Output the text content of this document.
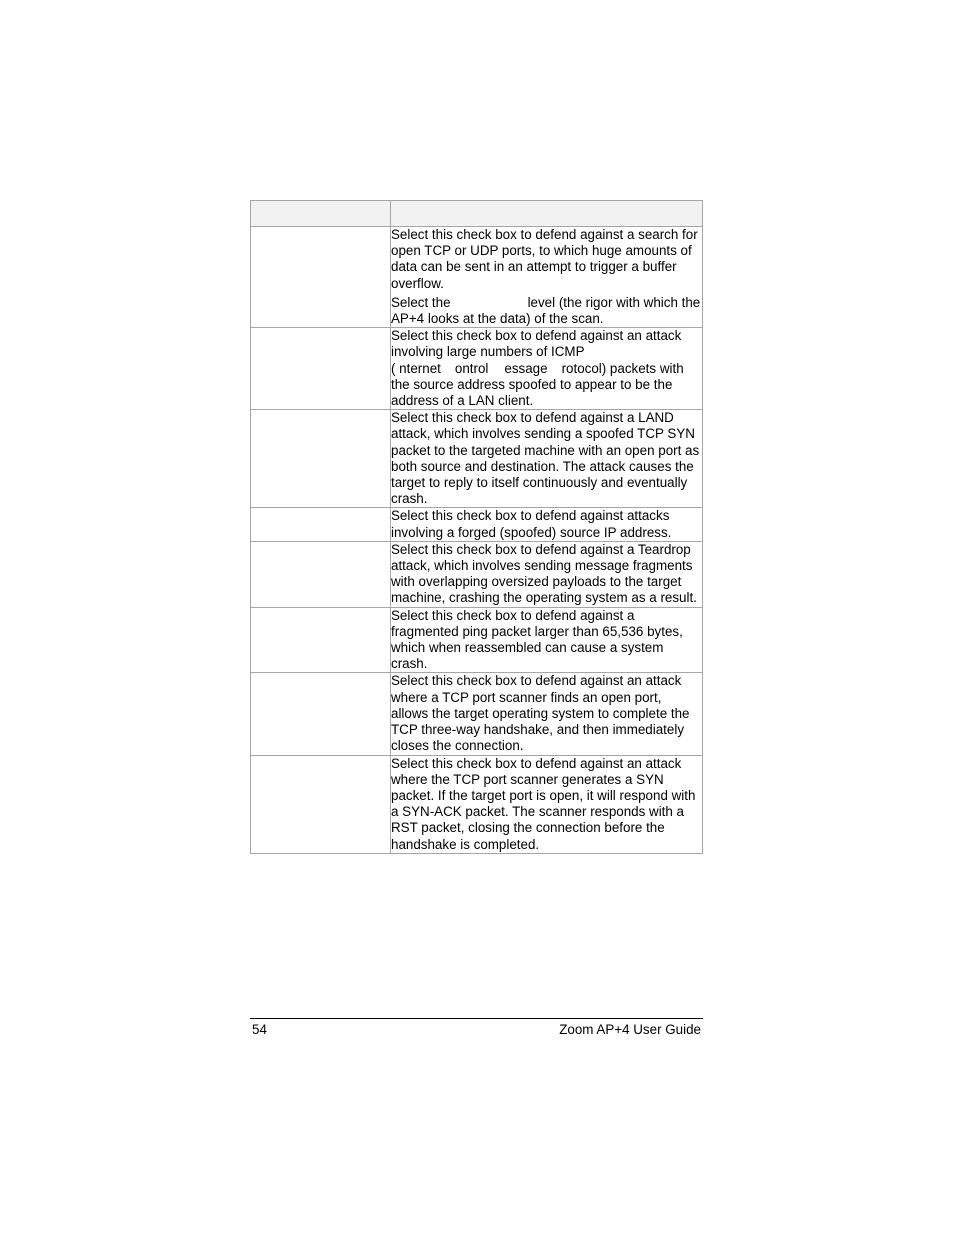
	Select this check box to defend against a search for open TCP or UDP ports, to which huge amounts of data can be sent in an attempt to trigger a buffer overflow.

Select the level (the rigor with which the AP+4 looks at the data) of the scan.

	Select this check box to defend against an attack involving large numbers of ICMP
( nternet ontrol essage rotocol) packets with the source address spoofed to appear to be the address of a LAN client.

	Select this check box to defend against a LAND attack, which involves sending a spoofed TCP SYN packet to the targeted machine with an open port as both source and destination. The attack causes the target to reply to itself continuously and eventually crash.

	Select this check box to defend against attacks involving a forged (spoofed) source IP address.

	Select this check box to defend against a Teardrop attack, which involves sending message fragments with overlapping oversized payloads to the target machine, crashing the operating system as a result.

	Select this check box to defend against a fragmented ping packet larger than 65,536 bytes, which when reassembled can cause a system crash.

	Select this check box to defend against an attack where a TCP port scanner finds an open port, allows the target operating system to complete the TCP three-way handshake, and then immediately closes the connection.

	Select this check box to defend against an attack where the TCP port scanner generates a SYN packet. If the target port is open, it will respond with a SYN-ACK packet. The scanner responds with a RST packet, closing the connection before the handshake is completed.

54	Zoom AP+4 User Guide
